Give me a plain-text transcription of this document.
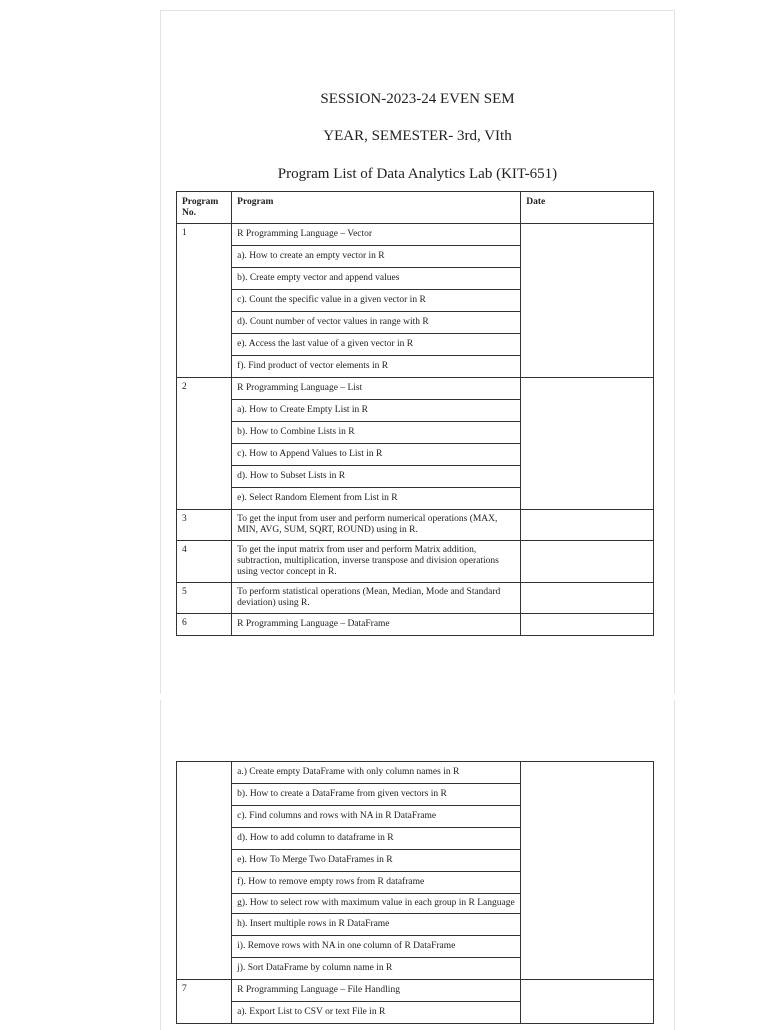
SESSION-2023-24 EVEN SEM
YEAR, SEMESTER- 3rd, VIth
Program List of Data Analytics Lab (KIT-651)
Program No.	Program	Date
1	R Programming Language – Vector	
	a). How to create an empty vector in R	
	b). Create empty vector and append values	
	c). Count the specific value in a given vector in R	
	d). Count number of vector values in range with R	
	e). Access the last value of a given vector in R	
	f). Find product of vector elements in R	
2	R Programming Language – List	
	a). How to Create Empty List in R	
	b). How to Combine Lists in R	
	c). How to Append Values to List in R	
	d). How to Subset Lists in R	
	e). Select Random Element from List in R	
3	To get the input from user and perform numerical operations (MAX, MIN, AVG, SUM, SQRT, ROUND) using in R.	
4	To get the input matrix from user and perform Matrix addition, subtraction, multiplication, inverse transpose and division operations using vector concept in R.	
5	To perform statistical operations (Mean, Median, Mode and Standard deviation) using R.	
6	R Programming Language – DataFrame	
	a.) Create empty DataFrame with only column names in R	
	b). How to create a DataFrame from given vectors in R	
	c). Find columns and rows with NA in R DataFrame	
	d). How to add column to dataframe in R	
	e). How To Merge Two DataFrames in R	
	f). How to remove empty rows from R dataframe	
	g). How to select row with maximum value in each group in R Language	
	h). Insert multiple rows in R DataFrame	
	i). Remove rows with NA in one column of R DataFrame	
	j). Sort DataFrame by column name in R	
7	R Programming Language – File Handling	
	a). Export List to CSV or text File in R	
